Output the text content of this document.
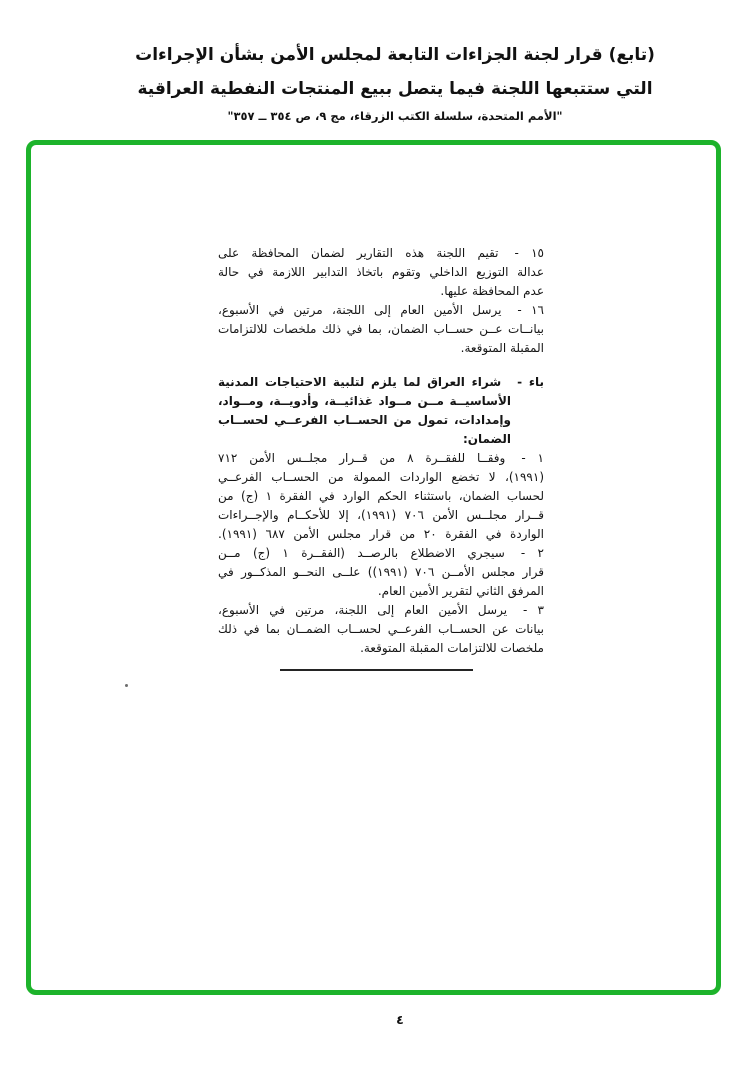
(تابع) قرار لجنة الجزاءات التابعة لمجلس الأمن بشأن الإجراءات
التي ستتبعها اللجنة فيما يتصل ببيع المنتجات النفطية العراقية
"الأمم المتحدة، سلسلة الكتب الزرقاء، مج ٩، ص ٣٥٤ ــ ٣٥٧"
١٥ -تقيم اللجنة هذه التقارير لضمان المحافظة على
عدالة التوزيع الداخلي وتقوم باتخاذ التدابير اللازمة في حالة
عدم المحافظة عليها.
١٦ -يرسل الأمين العام إلى اللجنة، مرتين في الأسبوع،
بيانــات عــن حســاب الضمان، بما في ذلك ملخصات للالتزامات
المقبلة المتوقعة.
باء -شراء العراق لما يلزم لتلبية الاحتياجات المدنية
الأساسيــة مــن مــواد غذائيــة، وأدويــة، ومــواد،
وإمدادات، تمول من الحســاب الفرعــي لحســاب
الضمان:
١ -وفقــا للفقــرة ٨ من قــرار مجلــس الأمن ٧١٢
(١٩٩١)، لا تخضع الواردات الممولة من الحســاب الفرعــي
لحساب الضمان، باستثناء الحكم الوارد في الفقرة ١ (ج) من
قــرار مجلــس الأمن ٧٠٦ (١٩٩١)، إلا للأحكــام والإجــراءات
الواردة في الفقرة ٢٠ من قرار مجلس الأمن ٦٨٧ (١٩٩١).
٢ -سيجري الاضطلاع بالرصــد (الفقــرة ١ (ج) مــن
قرار مجلس الأمــن ٧٠٦ (١٩٩١)) علــى النحــو المذكــور في
المرفق الثاني لتقرير الأمين العام.
٣ -يرسل الأمين العام إلى اللجنة، مرتين في الأسبوع،
بيانات عن الحســاب الفرعــي لحســاب الضمــان بما في ذلك
ملخصات للالتزامات المقبلة المتوقعة.
٤
